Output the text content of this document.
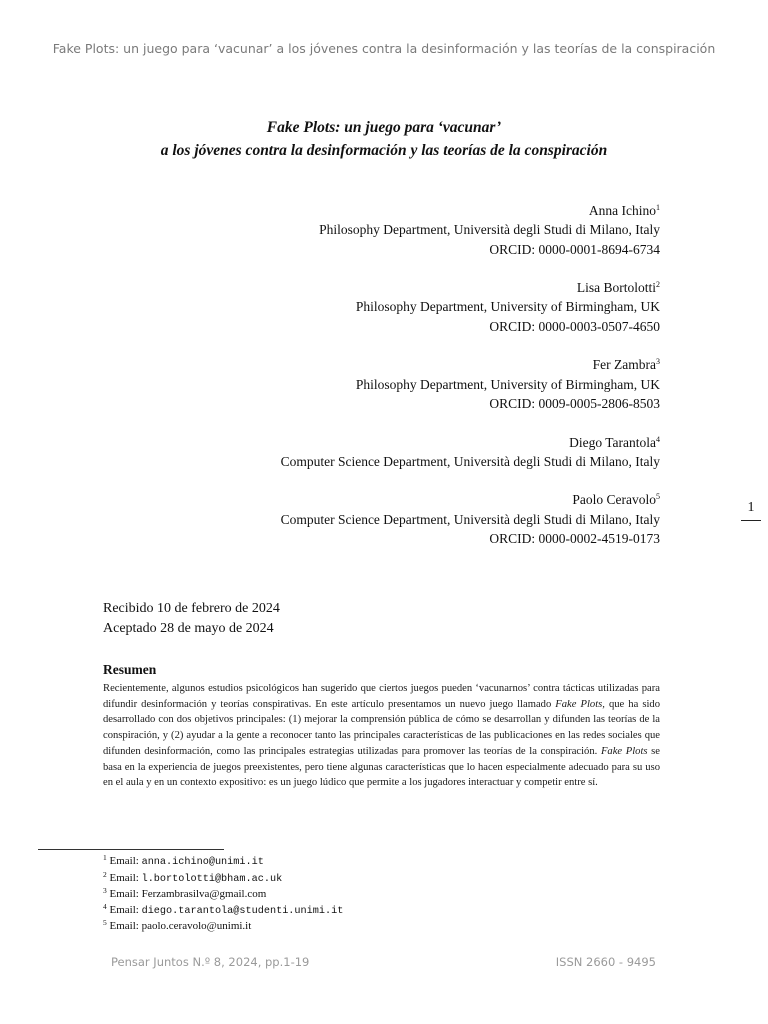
Fake Plots: un juego para ‘vacunar’ a los jóvenes contra la desinformación y las teorías de la conspiración
Fake Plots: un juego para ‘vacunar’
a los jóvenes contra la desinformación y las teorías de la conspiración
Anna Ichino$^1$
Philosophy Department, Università degli Studi di Milano, Italy
ORCID: 0000-0001-8694-6734
Lisa Bortolotti$^2$
Philosophy Department, University of Birmingham, UK
ORCID: 0000-0003-0507-4650
Fer Zambra$^3$
Philosophy Department, University of Birmingham, UK
ORCID: 0009-0005-2806-8503
Diego Tarantola$^4$
Computer Science Department, Università degli Studi di Milano, Italy
Paolo Ceravolo$^5$
Computer Science Department, Università degli Studi di Milano, Italy
ORCID: 0000-0002-4519-0173
1
Recibido 10 de febrero de 2024
Aceptado 28 de mayo de 2024
Resumen

Recientemente, algunos estudios psicológicos han sugerido que ciertos juegos pueden ‘vacunarnos’ contra tácticas utilizadas para difundir desinformación y teorías conspirativas. En este artículo presentamos un nuevo juego llamado Fake Plots, que ha sido desarrollado con dos objetivos principales: (1) mejorar la comprensión pública de cómo se desarrollan y difunden las teorías de la conspiración, y (2) ayudar a la gente a reconocer tanto las principales características de las publicaciones en las redes sociales que difunden desinformación, como las principales estrategias utilizadas para promover las teorías de la conspiración. Fake Plots se basa en la experiencia de juegos preexistentes, pero tiene algunas características que lo hacen especialmente adecuado para su uso en el aula y en un contexto expositivo: es un juego lúdico que permite a los jugadores interactuar y competir entre sí.

$^1$ Email: anna.ichino@unimi.it
$^2$ Email: l.bortolotti@bham.ac.uk
$^3$ Email: Ferzambrasilva@gmail.com
$^4$ Email: diego.tarantola@studenti.unimi.it
$^5$ Email: paolo.ceravolo@unimi.it
Pensar Juntos N.º 8, 2024, pp.1-19	ISSN 2660 - 9495
